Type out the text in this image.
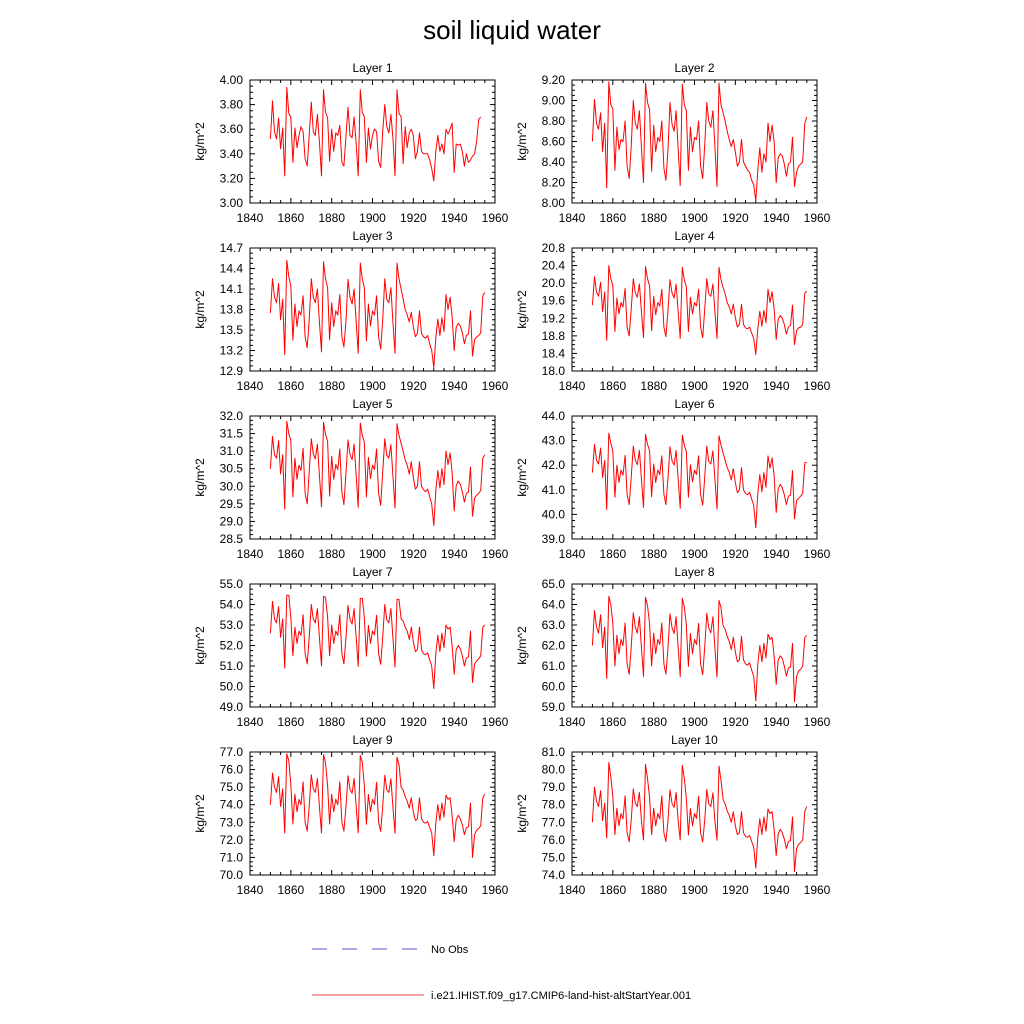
soil liquid water
Layer 1
1840 1860 1880 1900 1920 1940 1960
3.00
3.20
3.40
3.60
3.80
4.00
kg/m^2
Layer 2
1840 1860 1880 1900 1920 1940 1960
8.00
8.20
8.40
8.60
8.80
9.00
9.20
kg/m^2
Layer 3
1840 1860 1880 1900 1920 1940 1960
12.9
13.2
13.5
13.8
14.1
14.4
14.7
kg/m^2
Layer 4
1840 1860 1880 1900 1920 1940 1960
18.0
18.4
18.8
19.2
19.6
20.0
20.4
20.8
kg/m^2
Layer 5
1840 1860 1880 1900 1920 1940 1960
28.5
29.0
29.5
30.0
30.5
31.0
31.5
32.0
kg/m^2
Layer 6
1840 1860 1880 1900 1920 1940 1960
39.0
40.0
41.0
42.0
43.0
44.0
kg/m^2
Layer 7
1840 1860 1880 1900 1920 1940 1960
49.0
50.0
51.0
52.0
53.0
54.0
55.0
kg/m^2
Layer 8
1840 1860 1880 1900 1920 1940 1960
59.0
60.0
61.0
62.0
63.0
64.0
65.0
kg/m^2
Layer 9
1840 1860 1880 1900 1920 1940 1960
70.0
71.0
72.0
73.0
74.0
75.0
76.0
77.0
kg/m^2
Layer 10
1840 1860 1880 1900 1920 1940 1960
74.0
75.0
76.0
77.0
78.0
79.0
80.0
81.0
kg/m^2
No Obs
i.e21.IHIST.f09_g17.CMIP6-land-hist-altStartYear.001
